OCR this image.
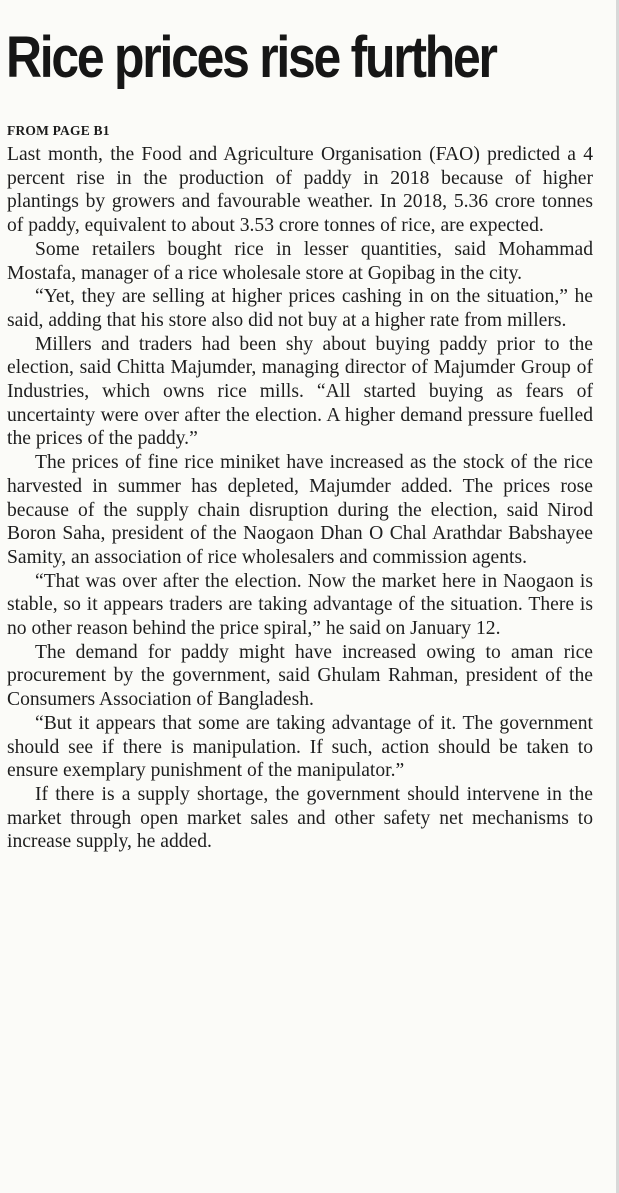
Rice prices rise further
FROM PAGE B1

Last month, the Food and Agriculture Organisation (FAO) predicted a 4 percent rise in the production of paddy in 2018 because of higher plantings by growers and favourable weather. In 2018, 5.36 crore tonnes of paddy, equivalent to about 3.53 crore tonnes of rice, are expected.

Some retailers bought rice in lesser quantities, said Mohammad Mostafa, manager of a rice wholesale store at Gopibag in the city.

“Yet, they are selling at higher prices cashing in on the situation,” he said, adding that his store also did not buy at a higher rate from millers.

Millers and traders had been shy about buying paddy prior to the election, said Chitta Majumder, managing director of Majumder Group of Industries, which owns rice mills. “All started buying as fears of uncertainty were over after the election. A higher demand pressure fuelled the prices of the paddy.”

The prices of fine rice miniket have increased as the stock of the rice harvested in summer has depleted, Majumder added. The prices rose because of the supply chain disruption during the election, said Nirod Boron Saha, president of the Naogaon Dhan O Chal Arathdar Babshayee Samity, an association of rice wholesalers and commission agents.

“That was over after the election. Now the market here in Naogaon is stable, so it appears traders are taking advantage of the situation. There is no other reason behind the price spiral,” he said on January 12.

The demand for paddy might have increased owing to aman rice procurement by the government, said Ghulam Rahman, president of the Consumers Association of Bangladesh.

“But it appears that some are taking advantage of it. The government should see if there is manipulation. If such, action should be taken to ensure exemplary punishment of the manipulator.”

If there is a supply shortage, the government should intervene in the market through open market sales and other safety net mechanisms to increase supply, he added.
